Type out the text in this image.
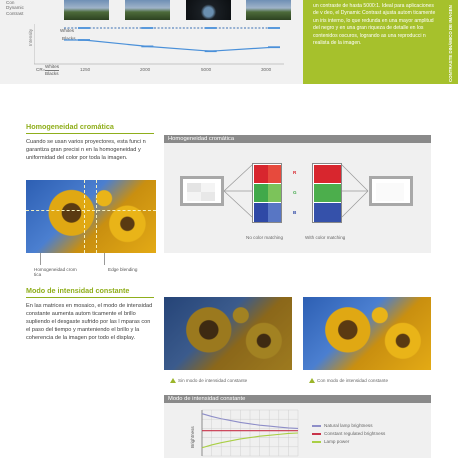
Con Dynamic Contrast
Intensity	Whites
Blacks
CR=
Whites
Blacks
1250	2000	5000	3000
un contraste de hasta 5000:1. Ideal para aplicaciones de v deo, el Dynamic Contrast ajusta autom ticamente un iris interno, lo que redunda en una mayor amplitud del negro y en una gran riqueza de detalle en los contenidos oscuros, logrando as una reproducci n realista de la imagen.	CONTRASTE DINÁMICO DE IMAGEN
Homogeneidad cromática
Cuando se usan varios proyectores, esta funci n garantiza gran precisi n en la homogeneidad y uniformidad del color por toda la imagen.
Homogeneidad crom tica
Edge blending
Homogeneidad cromática
R
G
B
No color matching	With color matching
Modo de intensidad constante
En las matrices en mosaico, el modo de intensidad constante aumenta autom ticamente el brillo supliendo el desgaste sufrido por las l mparas con el paso del tiempo y manteniendo el brillo y la coherencia de la imagen por todo el display.
Sin modo de intensidad constante	Con modo de intensidad constante
Modo de intensidad constante
Brightness
Natural lamp brightness
Constant regulated brightness
Lamp power
